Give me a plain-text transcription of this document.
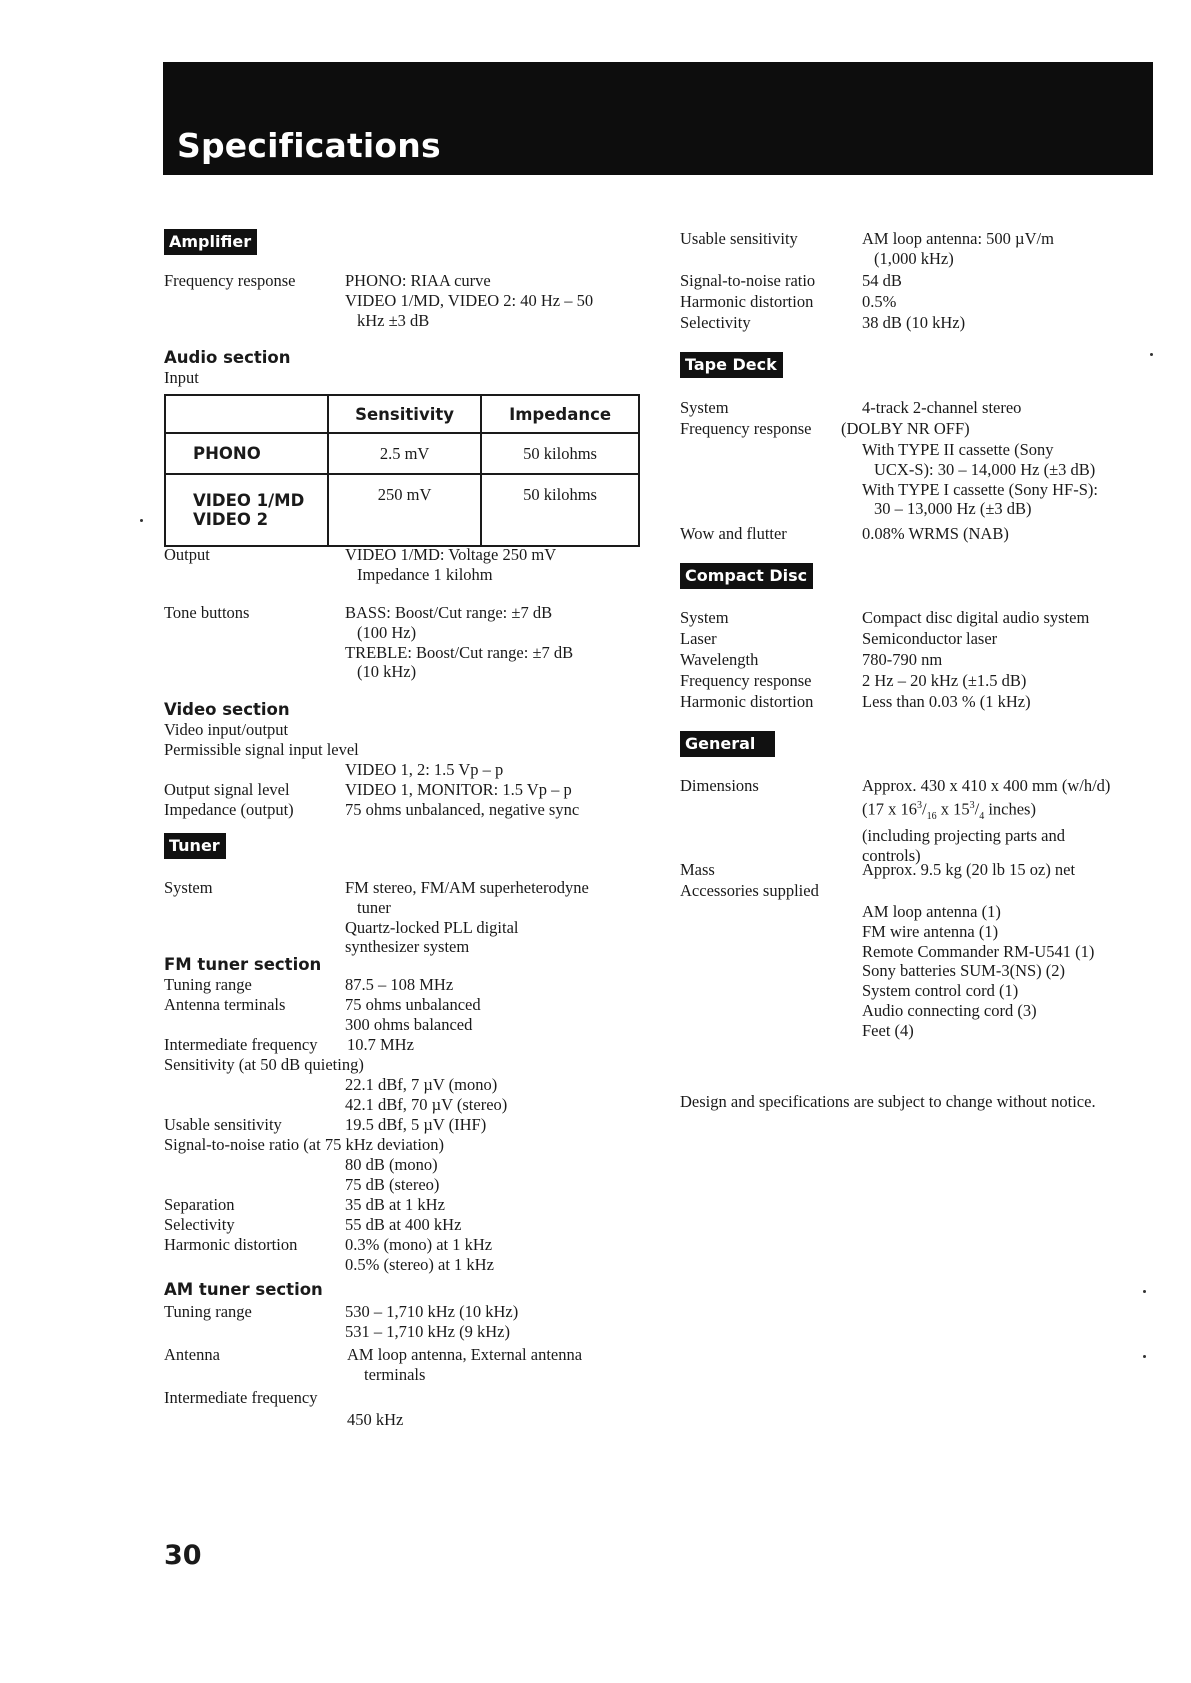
Specifications
Amplifier
Frequency response	PHONO: RIAA curve
VIDEO 1/MD, VIDEO 2: 40 Hz – 50
kHz ±3 dB
Audio section
Input
	Sensitivity	Impedance
PHONO	2.5 mV	50 kilohms

VIDEO 1/MD
VIDEO 2	250 mV	50 kilohms
Output	VIDEO 1/MD: Voltage 250 mV
Impedance 1 kilohm
Tone buttons	BASS: Boost/Cut range: ±7 dB
(100 Hz)
TREBLE: Boost/Cut range: ±7 dB
(10 kHz)
Video section
Video input/output
Permissible signal input level
VIDEO 1, 2: 1.5 Vp – p
Output signal level	VIDEO 1, MONITOR: 1.5 Vp – p
Impedance (output)	75 ohms unbalanced, negative sync
Tuner
System	FM stereo, FM/AM superheterodyne
tuner
Quartz-locked PLL digital
synthesizer system
FM tuner section
Tuning range	87.5 – 108 MHz
Antenna terminals	75 ohms unbalanced
300 ohms balanced
Intermediate frequency 10.7 MHz
Sensitivity (at 50 dB quieting)
22.1 dBf, 7 µV (mono)
42.1 dBf, 70 µV (stereo)
Usable sensitivity	19.5 dBf, 5 µV (IHF)
Signal-to-noise ratio (at 75 kHz deviation)
80 dB (mono)
75 dB (stereo)
Separation	35 dB at 1 kHz
Selectivity	55 dB at 400 kHz
Harmonic distortion	0.3% (mono) at 1 kHz
0.5% (stereo) at 1 kHz
AM tuner section
Tuning range	530 – 1,710 kHz (10 kHz)
531 – 1,710 kHz (9 kHz)
Antenna	AM loop antenna, External antenna
terminals
Intermediate frequency
450 kHz
Usable sensitivity	AM loop antenna: 500 µV/m
(1,000 kHz)
Signal-to-noise ratio	54 dB
Harmonic distortion	0.5%
Selectivity	38 dB (10 kHz)
Tape Deck
System	4-track 2-channel stereo
Frequency response (DOLBY NR OFF)
With TYPE II cassette (Sony
UCX-S): 30 – 14,000 Hz (±3 dB)
With TYPE I cassette (Sony HF-S):
30 – 13,000 Hz (±3 dB)
Wow and flutter	0.08% WRMS (NAB)
Compact Disc
System	Compact disc digital audio system
Laser	Semiconductor laser
Wavelength	780-790 nm
Frequency response	2 Hz – 20 kHz (±1.5 dB)
Harmonic distortion	Less than 0.03 % (1 kHz)
General
Dimensions	Approx. 430 x 410 x 400 mm (w/h/d)
(17 x $16^3/_{16}$ x $15^3/_4$ inches)
(including projecting parts and
controls)
Mass	Approx. 9.5 kg (20 lb 15 oz) net
Accessories supplied
AM loop antenna (1)
FM wire antenna (1)
Remote Commander RM-U541 (1)
Sony batteries SUM-3(NS) (2)
System control cord (1)
Audio connecting cord (3)
Feet (4)
Design and specifications are subject to change without notice.
30
